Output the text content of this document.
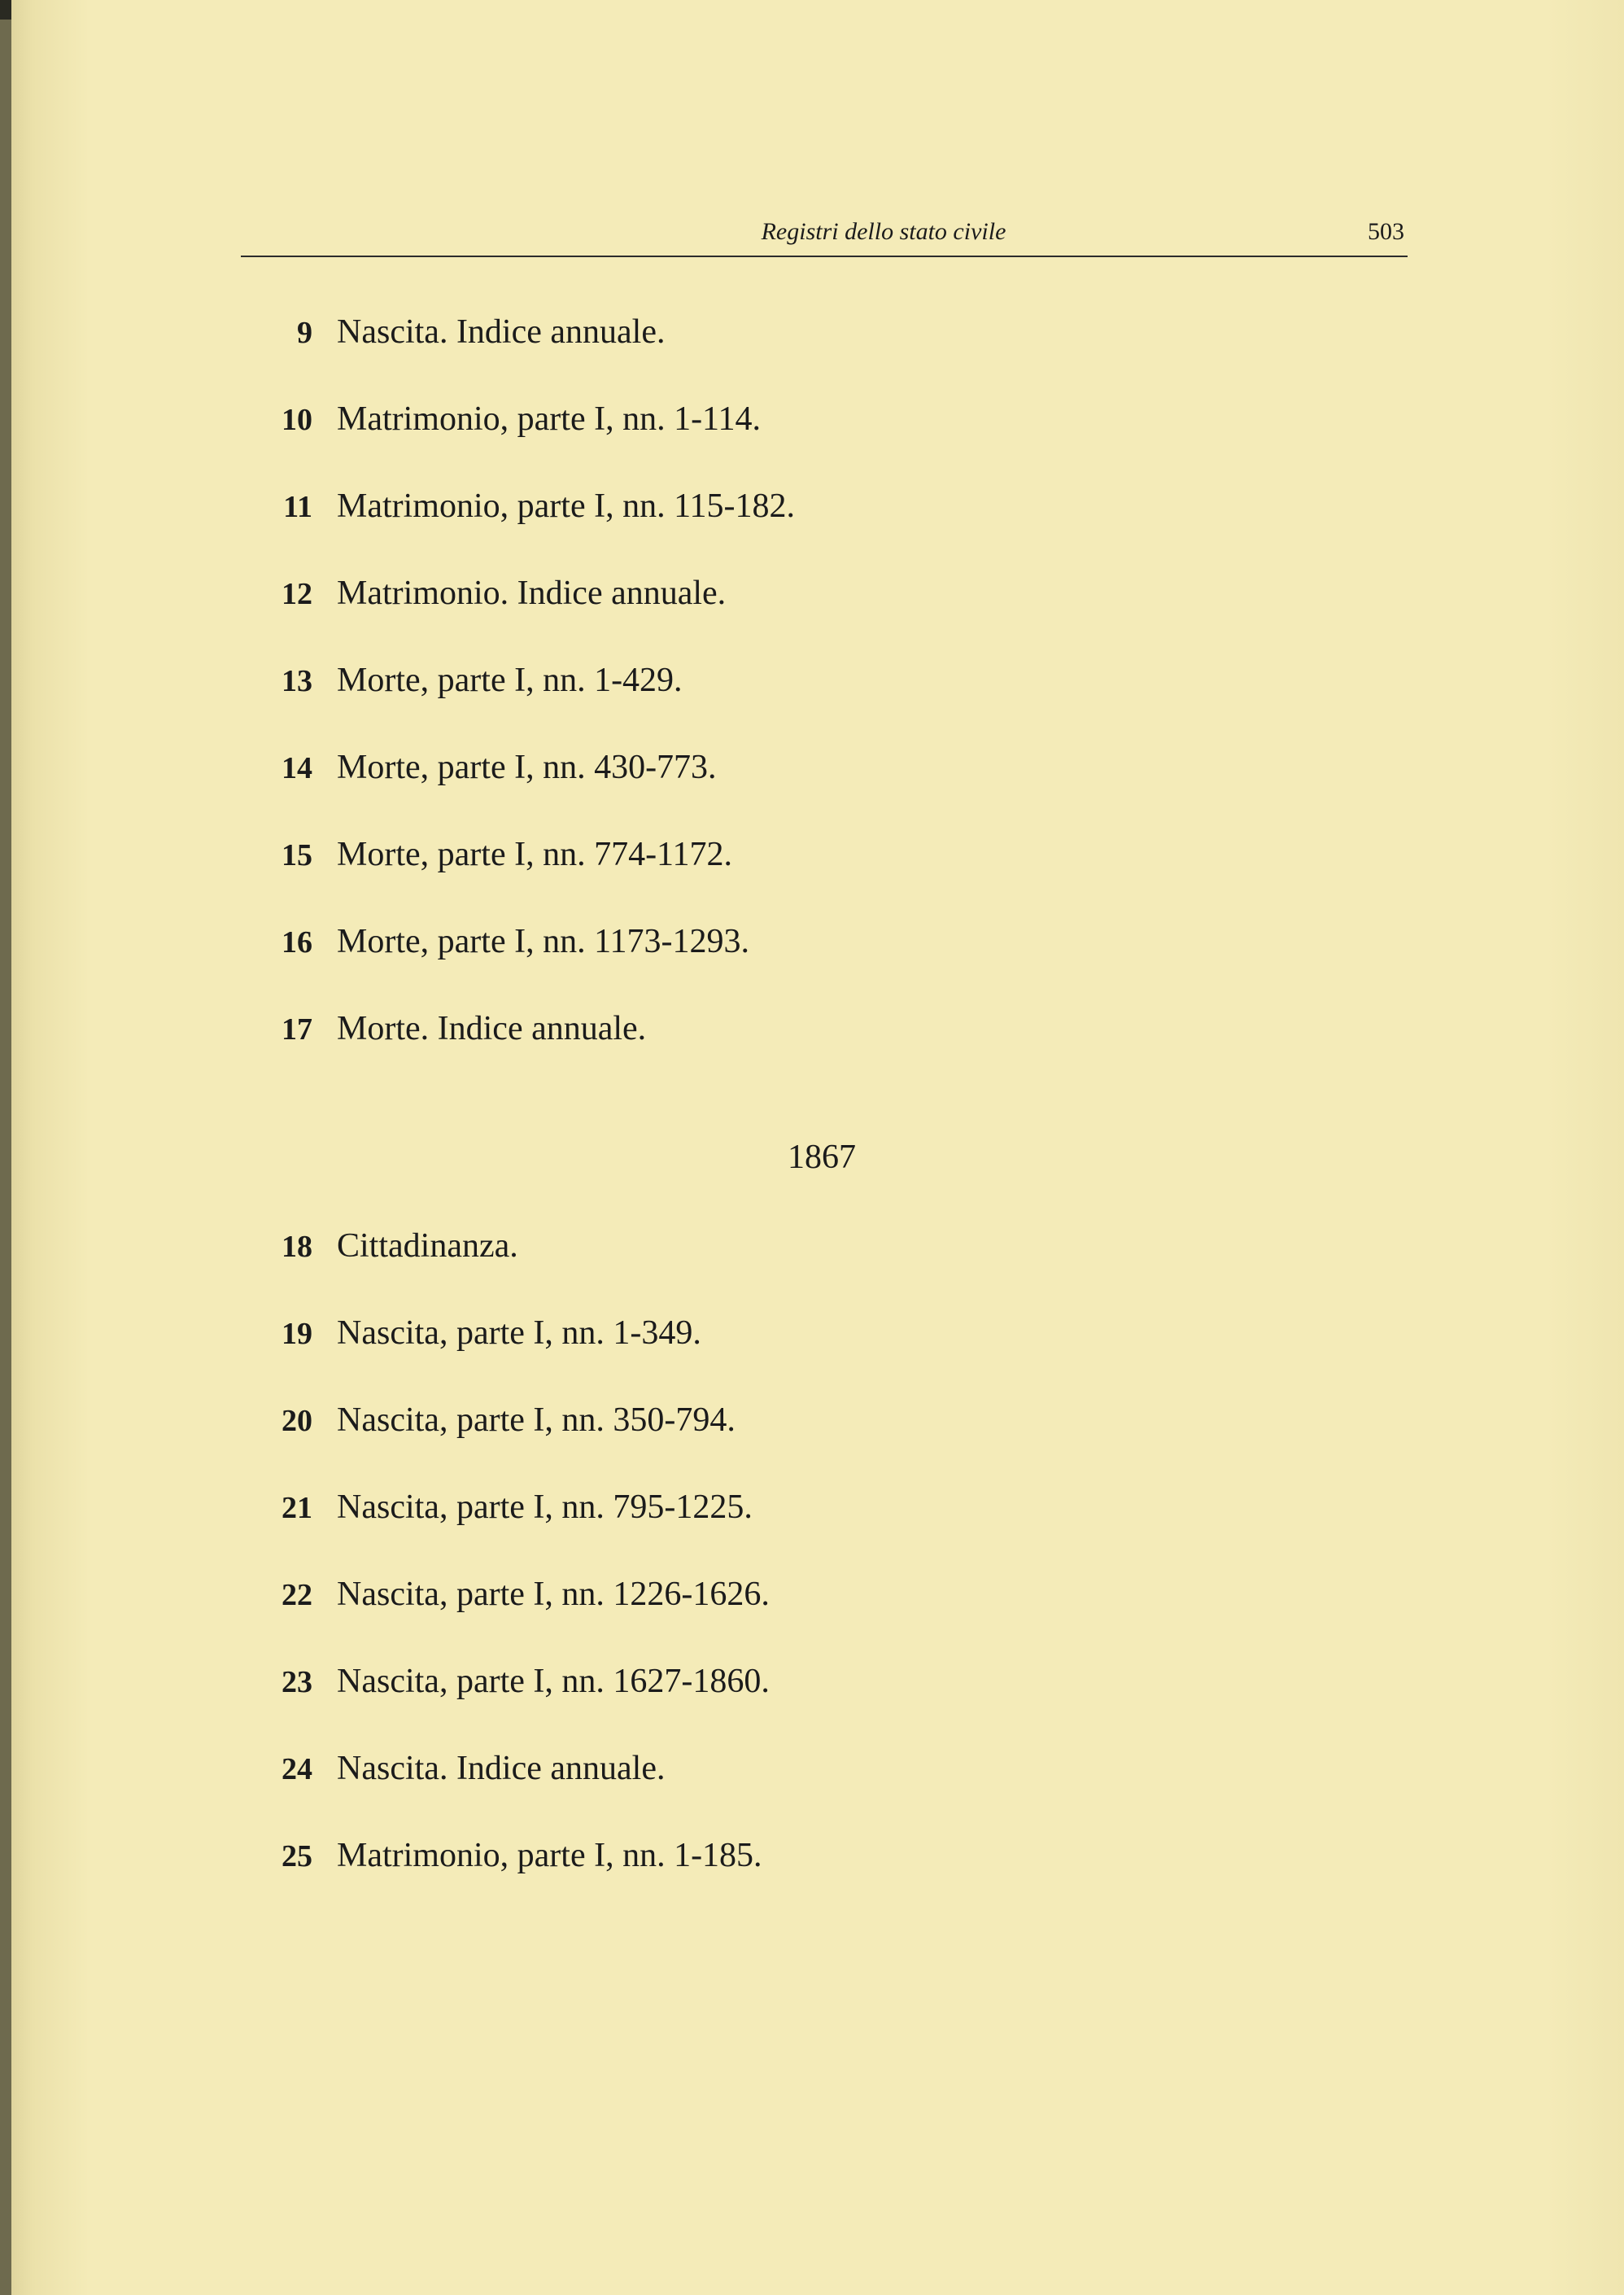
Registri dello stato civile	503
9 Nascita. Indice annuale.
10 Matrimonio, parte I, nn. 1-114.
11 Matrimonio, parte I, nn. 115-182.
12 Matrimonio. Indice annuale.
13 Morte, parte I, nn. 1-429.
14 Morte, parte I, nn. 430-773.
15 Morte, parte I, nn. 774-1172.
16 Morte, parte I, nn. 1173-1293.
17 Morte. Indice annuale.
1867
18 Cittadinanza.
19 Nascita, parte I, nn. 1-349.
20 Nascita, parte I, nn. 350-794.
21 Nascita, parte I, nn. 795-1225.
22 Nascita, parte I, nn. 1226-1626.
23 Nascita, parte I, nn. 1627-1860.
24 Nascita. Indice annuale.
25 Matrimonio, parte I, nn. 1-185.
